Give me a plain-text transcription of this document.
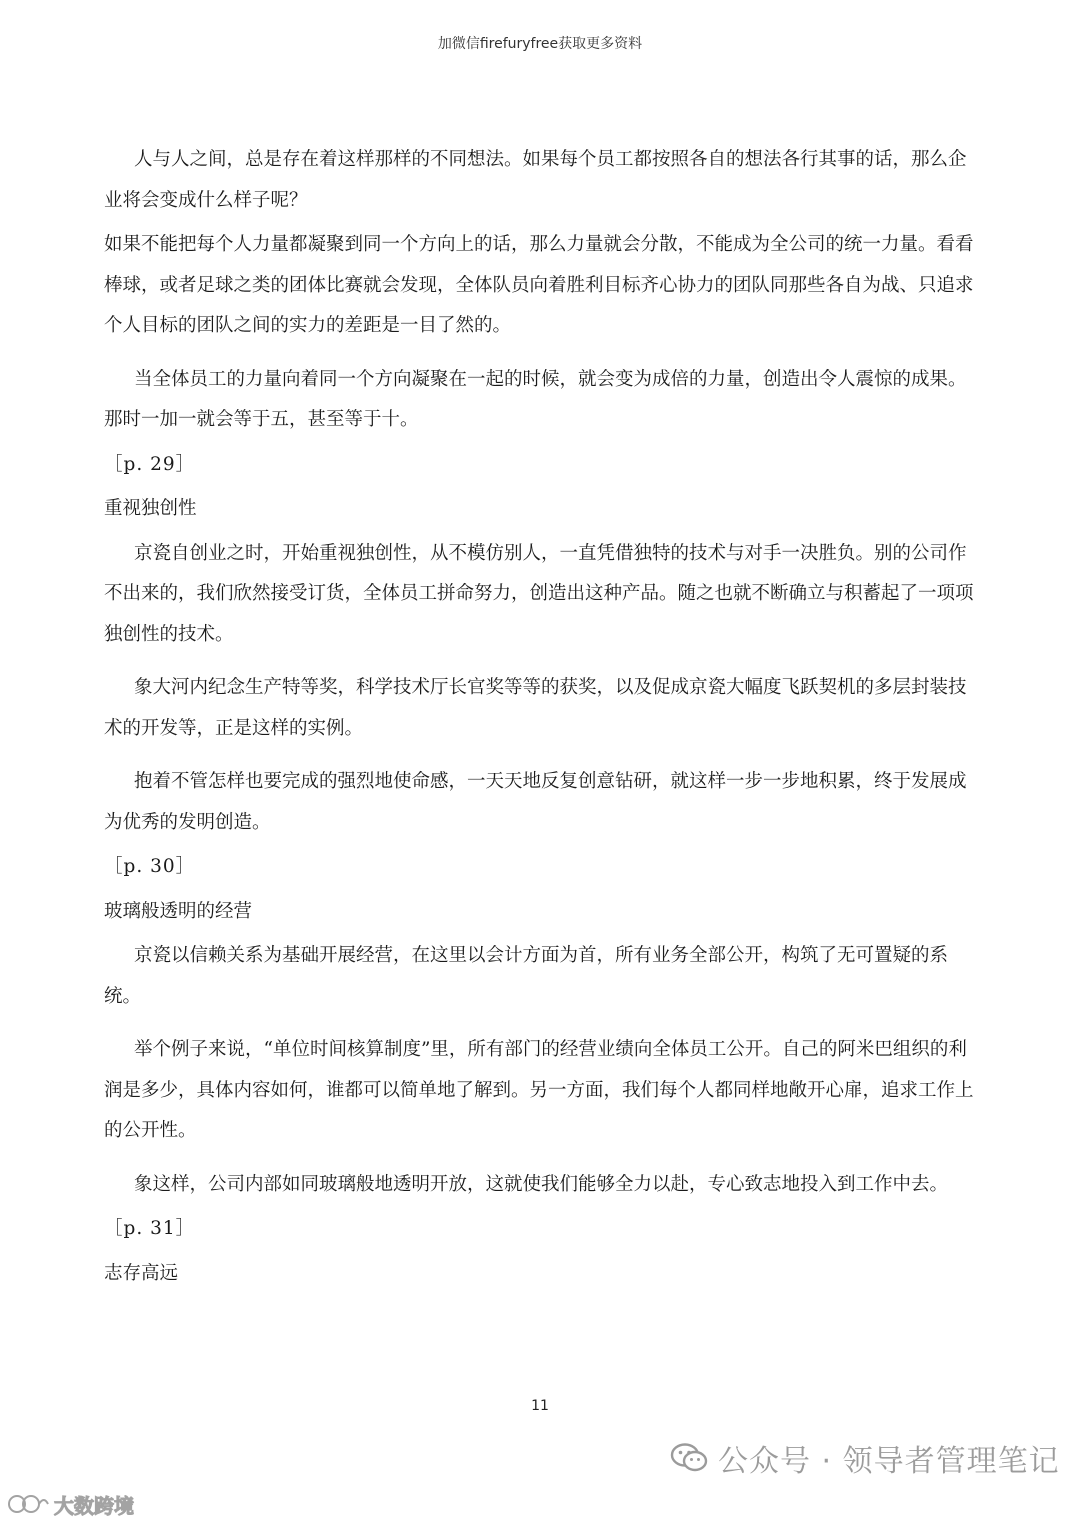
加微信firefuryfree获取更多资料

人与人之间，总是存在着这样那样的不同想法。如果每个员工都按照各自的想法各行其事的话，那么企业将会变成什么样子呢？

如果不能把每个人力量都凝聚到同一个方向上的话，那么力量就会分散，不能成为全公司的统一力量。看看棒球，或者足球之类的团体比赛就会发现，全体队员向着胜利目标齐心协力的团队同那些各自为战、只追求个人目标的团队之间的实力的差距是一目了然的。

当全体员工的力量向着同一个方向凝聚在一起的时候，就会变为成倍的力量，创造出令人震惊的成果。那时一加一就会等于五，甚至等于十。

［p. 29］

重视独创性

京瓷自创业之时，开始重视独创性，从不模仿别人，一直凭借独特的技术与对手一决胜负。别的公司作不出来的，我们欣然接受订货，全体员工拼命努力，创造出这种产品。随之也就不断确立与积蓄起了一项项独创性的技术。

象大河内纪念生产特等奖，科学技术厅长官奖等等的获奖，以及促成京瓷大幅度飞跃契机的多层封装技术的开发等，正是这样的实例。

抱着不管怎样也要完成的强烈地使命感，一天天地反复创意钻研，就这样一步一步地积累，终于发展成为优秀的发明创造。

［p. 30］

玻璃般透明的经营

京瓷以信赖关系为基础开展经营，在这里以会计方面为首，所有业务全部公开，构筑了无可置疑的系统。

举个例子来说，“单位时间核算制度”里，所有部门的经营业绩向全体员工公开。自己的阿米巴组织的利润是多少，具体内容如何，谁都可以简单地了解到。另一方面，我们每个人都同样地敞开心扉，追求工作上的公开性。

象这样，公司内部如同玻璃般地透明开放，这就使我们能够全力以赴，专心致志地投入到工作中去。

［p. 31］

志存高远

11
公众号 · 领导者管理笔记
大数跨境
